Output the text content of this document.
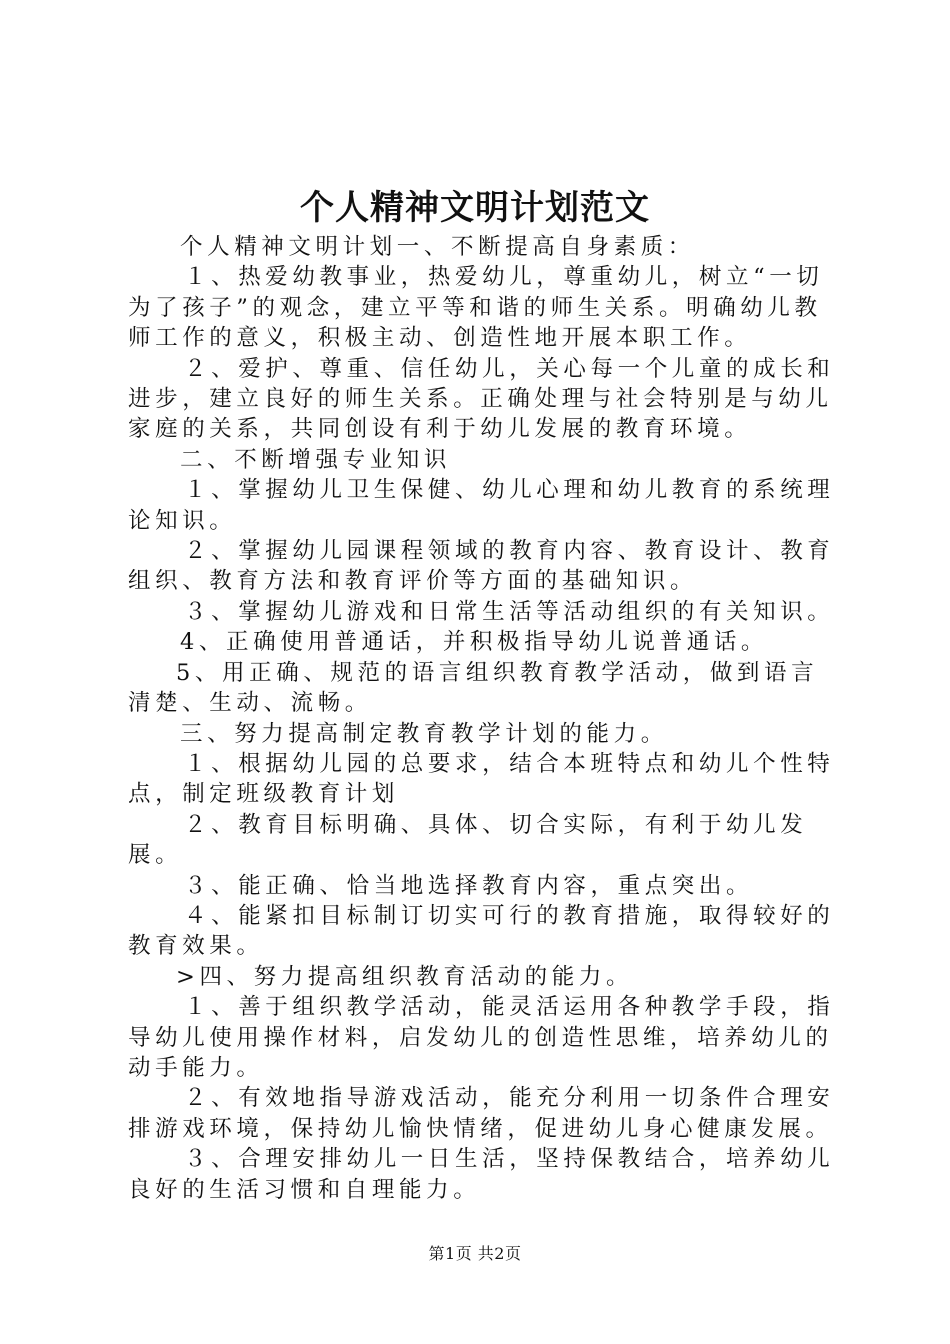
个人精神文明计划范文

个人精神文明计划一、不断提高自身素质：

１、热爱幼教事业，热爱幼儿，尊重幼儿，树立“一切为了孩子”的观念，建立平等和谐的师生关系。明确幼儿教师工作的意义，积极主动、创造性地开展本职工作。

２、爱护、尊重、信任幼儿，关心每一个儿童的成长和进步，建立良好的师生关系。正确处理与社会特别是与幼儿家庭的关系，共同创设有利于幼儿发展的教育环境。

二、不断增强专业知识

１、掌握幼儿卫生保健、幼儿心理和幼儿教育的系统理论知识。

２、掌握幼儿园课程领域的教育内容、教育设计、教育组织、教育方法和教育评价等方面的基础知识。

３、掌握幼儿游戏和日常生活等活动组织的有关知识。

4、正确使用普通话，并积极指导幼儿说普通话。

5、用正确、规范的语言组织教育教学活动，做到语言清楚、生动、流畅。

三、努力提高制定教育教学计划的能力。

１、根据幼儿园的总要求，结合本班特点和幼儿个性特点，制定班级教育计划

２、教育目标明确、具体、切合实际，有利于幼儿发展。

３、能正确、恰当地选择教育内容，重点突出。

４、能紧扣目标制订切实可行的教育措施，取得较好的教育效果。

>四、努力提高组织教育活动的能力。

１、善于组织教学活动，能灵活运用各种教学手段，指导幼儿使用操作材料，启发幼儿的创造性思维，培养幼儿的动手能力。

２、有效地指导游戏活动，能充分利用一切条件合理安排游戏环境，保持幼儿愉快情绪，促进幼儿身心健康发展。

３、合理安排幼儿一日生活，坚持保教结合，培养幼儿良好的生活习惯和自理能力。

第1页 共2页
